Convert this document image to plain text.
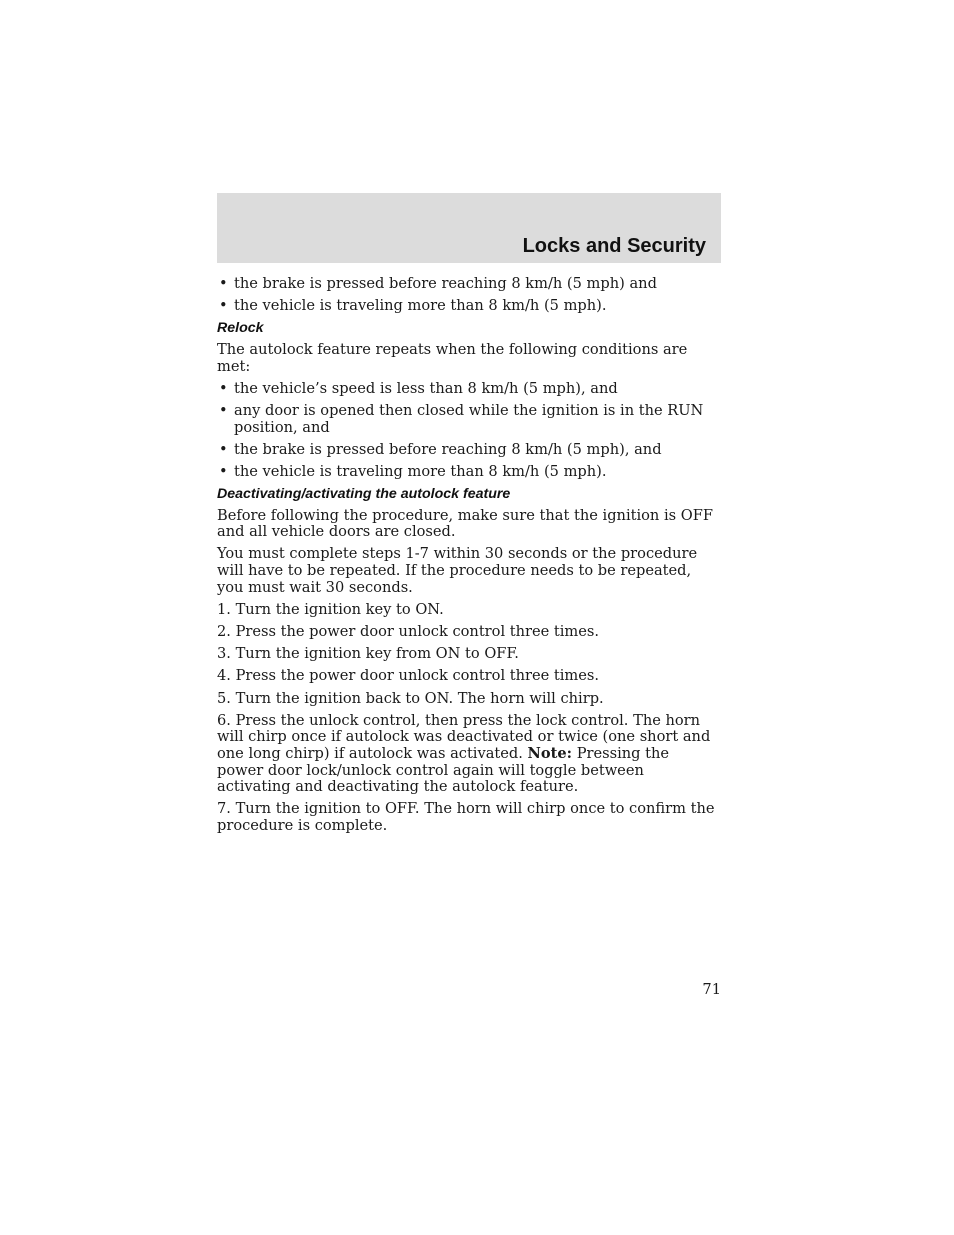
Locks and Security
• the brake is pressed before reaching 8 km/h (5 mph) and
• the vehicle is traveling more than 8 km/h (5 mph).
Relock

The autolock feature repeats when the following conditions are met:

• the vehicle’s speed is less than 8 km/h (5 mph), and
• any door is opened then closed while the ignition is in the RUN position, and
• the brake is pressed before reaching 8 km/h (5 mph), and
• the vehicle is traveling more than 8 km/h (5 mph).
Deactivating/activating the autolock feature

Before following the procedure, make sure that the ignition is OFF and all vehicle doors are closed.

You must complete steps 1-7 within 30 seconds or the procedure will have to be repeated. If the procedure needs to be repeated, you must wait 30 seconds.

1. Turn the ignition key to ON.

2. Press the power door unlock control three times.

3. Turn the ignition key from ON to OFF.

4. Press the power door unlock control three times.

5. Turn the ignition back to ON. The horn will chirp.

6. Press the unlock control, then press the lock control. The horn will chirp once if autolock was deactivated or twice (one short and one long chirp) if autolock was activated. Note: Pressing the power door lock/unlock control again will toggle between activating and deactivating the autolock feature.

7. Turn the ignition to OFF. The horn will chirp once to confirm the procedure is complete.

71
